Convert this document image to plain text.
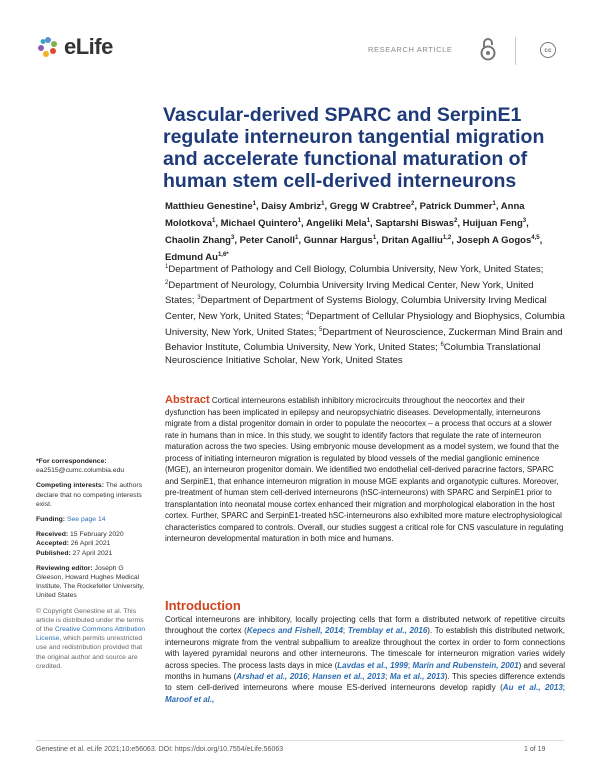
eLife	RESEARCH ARTICLE	cc
Vascular-derived SPARC and SerpinE1 regulate interneuron tangential migration and accelerate functional maturation of human stem cell-derived interneurons
Matthieu Genestine$^1$, Daisy Ambriz$^1$, Gregg W Crabtree$^2$, Patrick Dummer$^1$, Anna Molotkova$^1$, Michael Quintero$^1$, Angeliki Mela$^1$, Saptarshi Biswas$^2$, Huijuan Feng$^3$, Chaolin Zhang$^3$, Peter Canoll$^1$, Gunnar Hargus$^1$, Dritan Agalliu$^{1,2}$, Joseph A Gogos$^{4,5}$, Edmund $Au^{1,6*}$
$^1$Department of Pathology and Cell Biology, Columbia University, New York, United States; $^2$Department of Neurology, Columbia University Irving Medical Center, New York, United States; $^3$Department of Department of Systems Biology, Columbia University Irving Medical Center, New York, United States; $^4$Department of Cellular Physiology and Biophysics, Columbia University, New York, United States; $^5$Department of Neuroscience, Zuckerman Mind Brain and Behavior Institute, Columbia University, New York, United States; $^6$Columbia Translational Neuroscience Initiative Scholar, New York, United States
Abstract Cortical interneurons establish inhibitory microcircuits throughout the neocortex and their dysfunction has been implicated in epilepsy and neuropsychiatric diseases. Developmentally, interneurons migrate from a distal progenitor domain in order to populate the neocortex – a process that occurs at a slower rate in humans than in mice. In this study, we sought to identify factors that regulate the rate of interneuron maturation across the two species. Using embryonic mouse development as a model system, we found that the process of initiating interneuron migration is regulated by blood vessels of the medial ganglionic eminence (MGE), an interneuron progenitor domain. We identified two endothelial cell-derived paracrine factors, SPARC and SerpinE1, that enhance interneuron migration in mouse MGE explants and organotypic cultures. Moreover, pre-treatment of human stem cell-derived interneurons (hSC-interneurons) with SPARC and SerpinE1 prior to transplantation into neonatal mouse cortex enhanced their migration and morphological elaboration in the host cortex. Further, SPARC and SerpinE1-treated hSC-interneurons also exhibited more mature electrophysiological characteristics compared to controls. Overall, our studies suggest a critical role for CNS vasculature in regulating interneuron developmental maturation in both mice and humans.
*For correspondence:
ea2515@cumc.columbia.edu
Competing interests: The authors declare that no competing interests exist.
Funding: See page 14
Received: 15 February 2020
Accepted: 26 April 2021
Published: 27 April 2021
Reviewing editor: Joseph G Gleeson, Howard Hughes Medical Institute, The Rockefeller University, United States
© Copyright Genestine et al. This article is distributed under the terms of the Creative Commons Attribution License, which permits unrestricted use and redistribution provided that the original author and source are credited.
Introduction
Cortical interneurons are inhibitory, locally projecting cells that form a distributed network of repetitive circuits throughout the cortex (Kepecs and Fishell, 2014; Tremblay et al., 2016). To establish this distributed network, interneurons migrate from the ventral subpallium to arealize throughout the cortex in order to form connections with layered pyramidal neurons and other interneurons. The timescale for interneuron migration varies widely across species. The process lasts days in mice (Lavdas et al., 1999; Marín and Rubenstein, 2001) and several months in humans (Arshad et al., 2016; Hansen et al., 2013; Ma et al., 2013). This species difference extends to stem cell-derived interneurons where mouse ES-derived interneurons develop rapidly (Au et al., 2013; Maroof et al.,
Genestine et al. eLife 2021;10:e56063. DOI: https://doi.org/10.7554/eLife.56063	1 of 19
